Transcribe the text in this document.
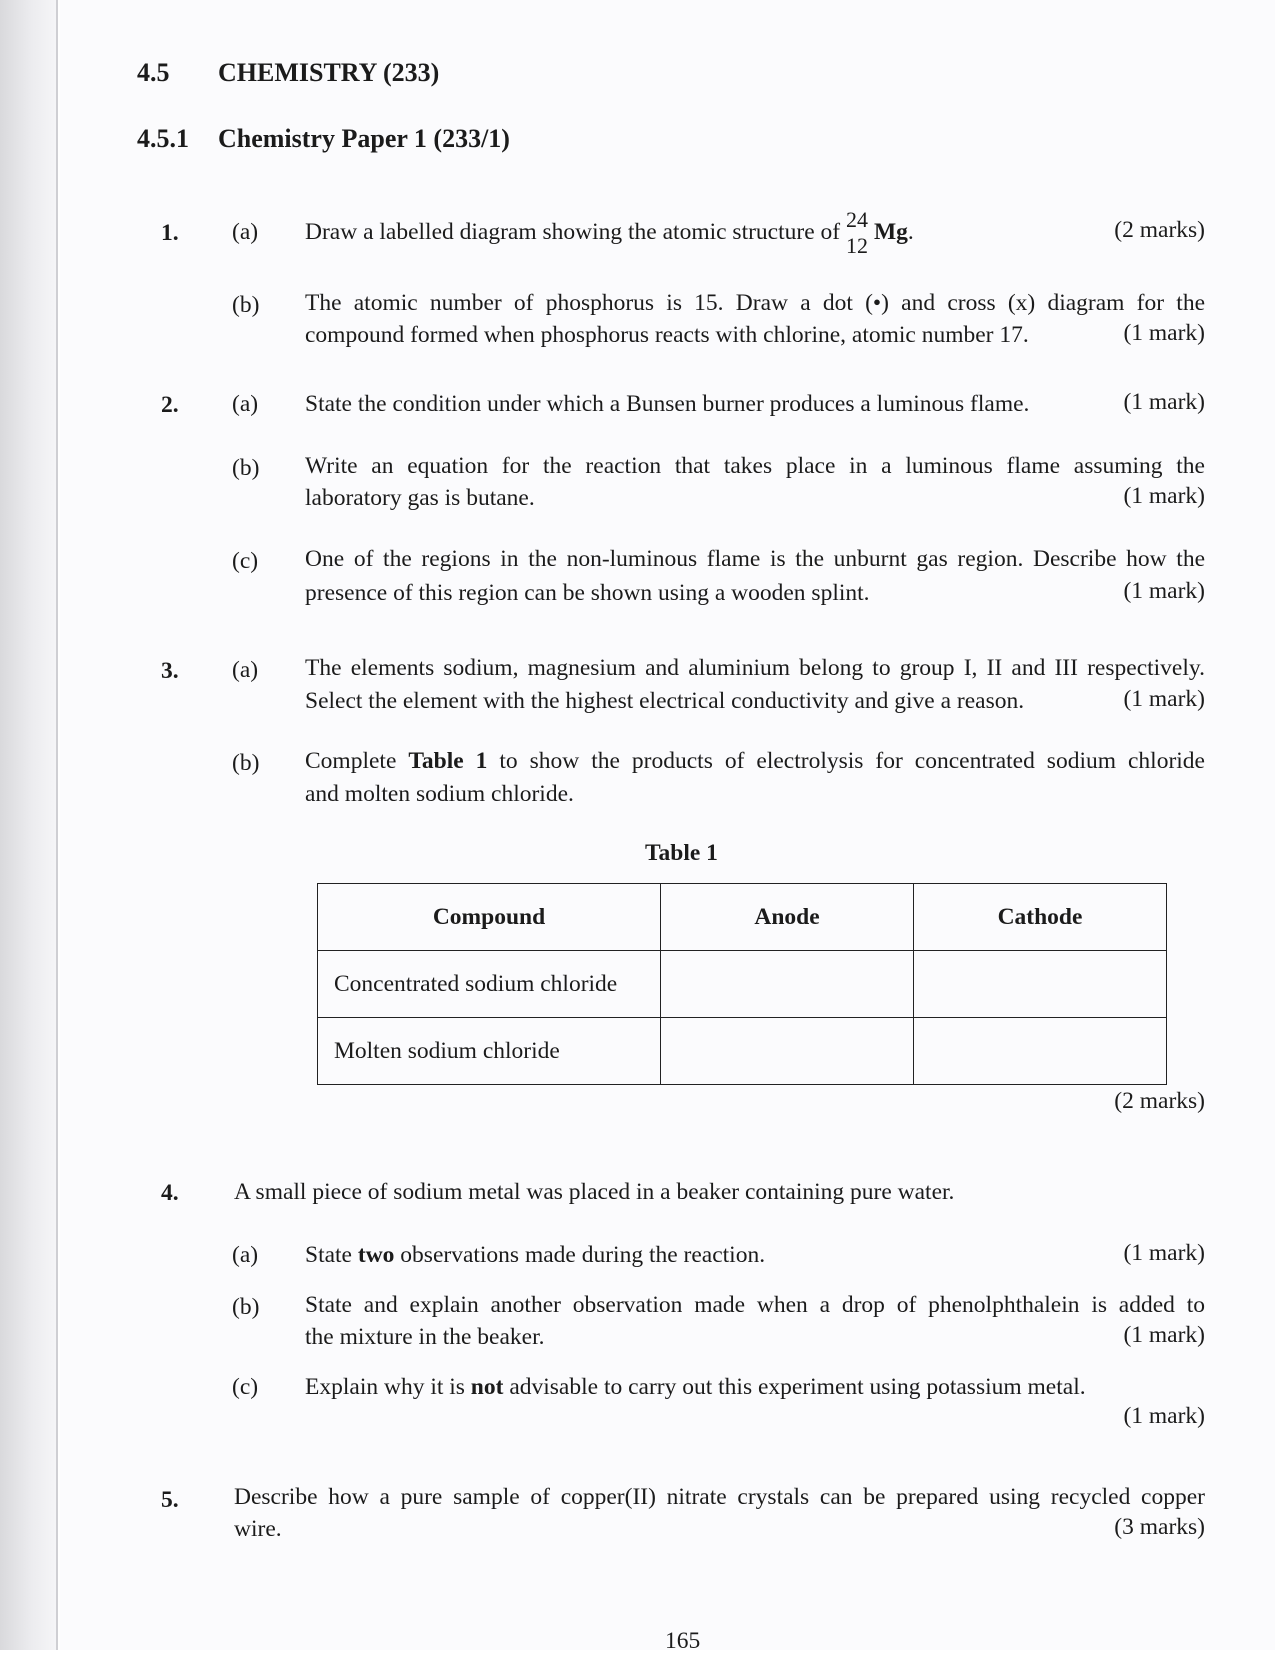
4.5 CHEMISTRY (233)
4.5.1 Chemistry Paper 1 (233/1)
1. (a) Draw a labelled diagram showing the atomic structure of 24
12
Mg.	(2 marks)
(b) The atomic number of phosphorus is 15. Draw a dot (•) and cross (x) diagram for the
compound formed when phosphorus reacts with chlorine, atomic number 17.	(1 mark)
2. (a) State the condition under which a Bunsen burner produces a luminous flame.	(1 mark)
(b) Write an equation for the reaction that takes place in a luminous flame assuming the
laboratory gas is butane.	(1 mark)
(c) One of the regions in the non-luminous flame is the unburnt gas region. Describe how the
presence of this region can be shown using a wooden splint.	(1 mark)
3. (a) The elements sodium, magnesium and aluminium belong to group I, II and III respectively.
Select the element with the highest electrical conductivity and give a reason.	(1 mark)
(b) Complete Table 1 to show the products of electrolysis for concentrated sodium chloride
and molten sodium chloride.
Table 1
Compound	Anode	Cathode
Concentrated sodium chloride		
Molten sodium chloride		
(2 marks)
4. A small piece of sodium metal was placed in a beaker containing pure water.
(a) State two observations made during the reaction.	(1 mark)
(b) State and explain another observation made when a drop of phenolphthalein is added to
the mixture in the beaker.	(1 mark)
(c) Explain why it is not advisable to carry out this experiment using potassium metal.
(1 mark)
5. Describe how a pure sample of copper(II) nitrate crystals can be prepared using recycled copper
wire.	(3 marks)
165
